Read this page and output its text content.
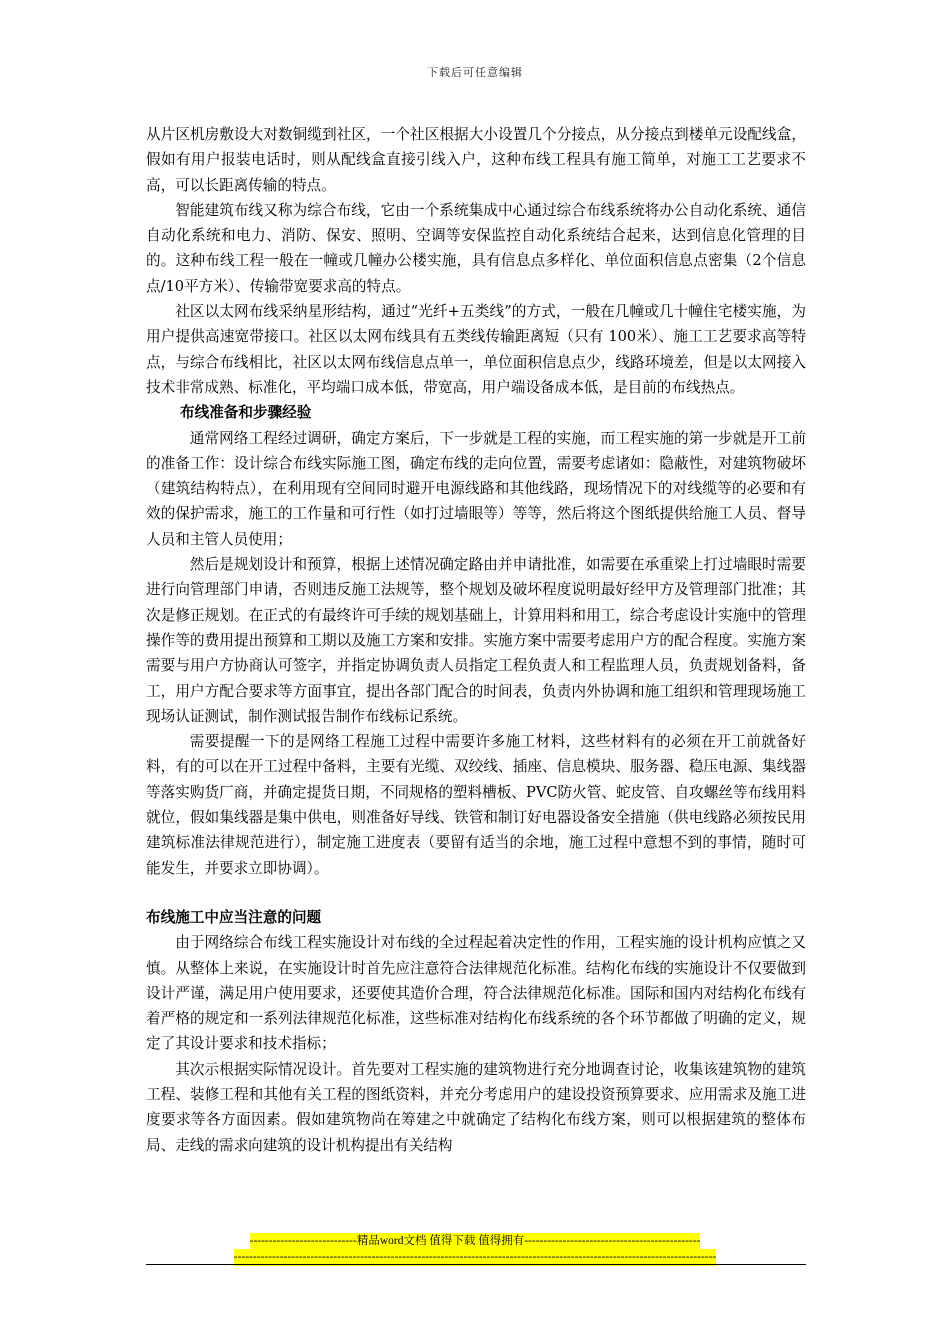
下载后可任意编辑

从片区机房敷设大对数铜缆到社区，一个社区根据大小设置几个分接点，从分接点到楼单元设配线盒，假如有用户报装电话时，则从配线盒直接引线入户，这种布线工程具有施工简单，对施工工艺要求不高，可以长距离传输的特点。

智能建筑布线又称为综合布线，它由一个系统集成中心通过综合布线系统将办公自动化系统、通信自动化系统和电力、消防、保安、照明、空调等安保监控自动化系统结合起来，达到信息化管理的目的。这种布线工程一般在一幢或几幢办公楼实施，具有信息点多样化、单位面积信息点密集（2个信息点/10平方米）、传输带宽要求高的特点。

社区以太网布线采纳星形结构，通过“光纤+五类线”的方式，一般在几幢或几十幢住宅楼实施，为用户提供高速宽带接口。社区以太网布线具有五类线传输距离短（只有 100米）、施工工艺要求高等特点，与综合布线相比，社区以太网布线信息点单一，单位面积信息点少，线路环境差，但是以太网接入技术非常成熟、标准化，平均端口成本低，带宽高，用户端设备成本低，是目前的布线热点。

布线准备和步骤经验

通常网络工程经过调研，确定方案后，下一步就是工程的实施，而工程实施的第一步就是开工前的准备工作：设计综合布线实际施工图，确定布线的走向位置，需要考虑诸如：隐蔽性，对建筑物破坏（建筑结构特点），在利用现有空间同时避开电源线路和其他线路，现场情况下的对线缆等的必要和有效的保护需求，施工的工作量和可行性（如打过墙眼等）等等，然后将这个图纸提供给施工人员、督导人员和主管人员使用；

然后是规划设计和预算，根据上述情况确定路由并申请批准，如需要在承重梁上打过墙眼时需要进行向管理部门申请，否则违反施工法规等，整个规划及破坏程度说明最好经甲方及管理部门批准；其次是修正规划。在正式的有最终许可手续的规划基础上，计算用料和用工，综合考虑设计实施中的管理操作等的费用提出预算和工期以及施工方案和安排。实施方案中需要考虑用户方的配合程度。实施方案需要与用户方协商认可签字，并指定协调负责人员指定工程负责人和工程监理人员，负责规划备料，备工，用户方配合要求等方面事宜，提出各部门配合的时间表，负责内外协调和施工组织和管理现场施工现场认证测试，制作测试报告制作布线标记系统。

需要提醒一下的是网络工程施工过程中需要许多施工材料，这些材料有的必须在开工前就备好料，有的可以在开工过程中备料，主要有光缆、双绞线、插座、信息模块、服务器、稳压电源、集线器等落实购货厂商，并确定提货日期，不同规格的塑料槽板、PVC防火管、蛇皮管、自攻螺丝等布线用料就位，假如集线器是集中供电，则准备好导线、铁管和制订好电器设备安全措施（供电线路必须按民用建筑标准法律规范进行），制定施工进度表（要留有适当的余地，施工过程中意想不到的事情，随时可能发生，并要求立即协调）。

布线施工中应当注意的问题

由于网络综合布线工程实施设计对布线的全过程起着决定性的作用，工程实施的设计机构应慎之又慎。从整体上来说，在实施设计时首先应注意符合法律规范化标准。结构化布线的实施设计不仅要做到设计严谨，满足用户使用要求，还要使其造价合理，符合法律规范化标准。国际和国内对结构化布线有着严格的规定和一系列法律规范化标准，这些标准对结构化布线系统的各个环节都做了明确的定义，规定了其设计要求和技术指标；

其次示根据实际情况设计。首先要对工程实施的建筑物进行充分地调查讨论，收集该建筑物的建筑工程、装修工程和其他有关工程的图纸资料，并充分考虑用户的建设投资预算要求、应用需求及施工进度要求等各方面因素。假如建筑物尚在筹建之中就确定了结构化布线方案，则可以根据建筑的整体布局、走线的需求向建筑的设计机构提出有关结构

----------------------------精品word文档 值得下载 值得拥有----------------------------------------------
------------------------------------------------------------------------------------------------------------------------------
